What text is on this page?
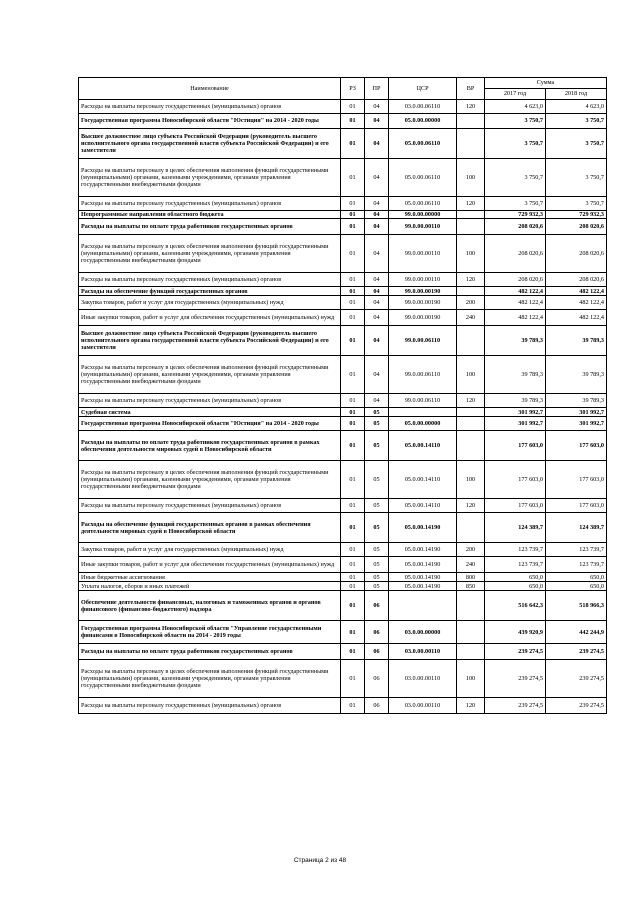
Наименование	РЗ	ПР	ЦСР	ВР	Сумма	
					2017 год	2018 год
Расходы на выплаты персоналу государственных (муниципальных) органов	01	04	03.0.00.06110	120	4 623,0	4 623,0
Государственная программа Новосибирской области "Юстиция" на 2014 - 2020 годы	01	04	05.0.00.00000		3 750,7	3 750,7
Высшее должностное лицо субъекта Российской Федерации (руководитель высшего исполнительного органа государственной власти субъекта Российской Федерации) и его заместители	01	04	05.0.00.06110		3 750,7	3 750,7
Расходы на выплаты персоналу в целях обеспечения выполнения функций государственными (муниципальными) органами, казенными учреждениями, органами управления государственными внебюджетными фондами	01	04	05.0.00.06110	100	3 750,7	3 750,7
Расходы на выплаты персоналу государственных (муниципальных) органов	01	04	05.0.00.06110	120	3 750,7	3 750,7
Непрограммные направления областного бюджета	01	04	99.0.00.00000		729 932,3	729 932,3
Расходы на выплаты по оплате труда работников государственных органов	01	04	99.0.00.00110		208 020,6	208 020,6
Расходы на выплаты персоналу в целях обеспечения выполнения функций государственными (муниципальными) органами, казенными учреждениями, органами управления государственными внебюджетными фондами	01	04	99.0.00.00110	100	208 020,6	208 020,6
Расходы на выплаты персоналу государственных (муниципальных) органов	01	04	99.0.00.00110	120	208 020,6	208 020,6
Расходы на обеспечение функций государственных органов	01	04	99.0.00.00190		482 122,4	482 122,4
Закупка товаров, работ и услуг для государственных (муниципальных) нужд	01	04	99.0.00.00190	200	482 122,4	482 122,4
Иные закупки товаров, работ и услуг для обеспечения государственных (муниципальных) нужд	01	04	99.0.00.00190	240	482 122,4	482 122,4
Высшее должностное лицо субъекта Российской Федерации (руководитель высшего исполнительного органа государственной власти субъекта Российской Федерации) и его заместители	01	04	99.0.00.06110		39 789,3	39 789,3
Расходы на выплаты персоналу в целях обеспечения выполнения функций государственными (муниципальными) органами, казенными учреждениями, органами управления государственными внебюджетными фондами	01	04	99.0.00.06110	100	39 789,3	39 789,3
Расходы на выплаты персоналу государственных (муниципальных) органов	01	04	99.0.00.06110	120	39 789,3	39 789,3
Судебная система	01	05			301 992,7	301 992,7
Государственная программа Новосибирской области "Юстиция" на 2014 - 2020 годы	01	05	05.0.00.00000		301 992,7	301 992,7
Расходы на выплаты по оплате труда работников государственных органов в рамках обеспечения деятельности мировых судей в Новосибирской области	01	05	05.0.00.14110		177 603,0	177 603,0
Расходы на выплаты персоналу в целях обеспечения выполнения функций государственными (муниципальными) органами, казенными учреждениями, органами управления государственными внебюджетными фондами	01	05	05.0.00.14110	100	177 603,0	177 603,0
Расходы на выплаты персоналу государственных (муниципальных) органов	01	05	05.0.00.14110	120	177 603,0	177 603,0
Расходы на обеспечение функций государственных органов в рамках обеспечения деятельности мировых судей в Новосибирской области	01	05	05.0.00.14190		124 389,7	124 389,7
Закупка товаров, работ и услуг для государственных (муниципальных) нужд	01	05	05.0.00.14190	200	123 739,7	123 739,7
Иные закупки товаров, работ и услуг для обеспечения государственных (муниципальных) нужд	01	05	05.0.00.14190	240	123 739,7	123 739,7
Иные бюджетные ассигнования	01	05	05.0.00.14190	800	650,0	650,0
Уплата налогов, сборов и иных платежей	01	05	05.0.00.14190	850	650,0	650,0
Обеспечение деятельности финансовых, налоговых и таможенных органов и органов финансового (финансово-бюджетного) надзора	01	06			516 642,3	518 966,3
Государственная программа Новосибирской области "Управление государственными финансами в Новосибирской области на 2014 - 2019 годы	01	06	03.0.00.00000		439 920,9	442 244,9
Расходы на выплаты по оплате труда работников государственных органов	01	06	03.0.00.00110		239 274,5	239 274,5
Расходы на выплаты персоналу в целях обеспечения выполнения функций государственными (муниципальными) органами, казенными учреждениями, органами управления государственными внебюджетными фондами	01	06	03.0.00.00110	100	239 274,5	239 274,5
Расходы на выплаты персоналу государственных (муниципальных) органов	01	06	03.0.00.00110	120	239 274,5	239 274,5
Страница 2 из 48
